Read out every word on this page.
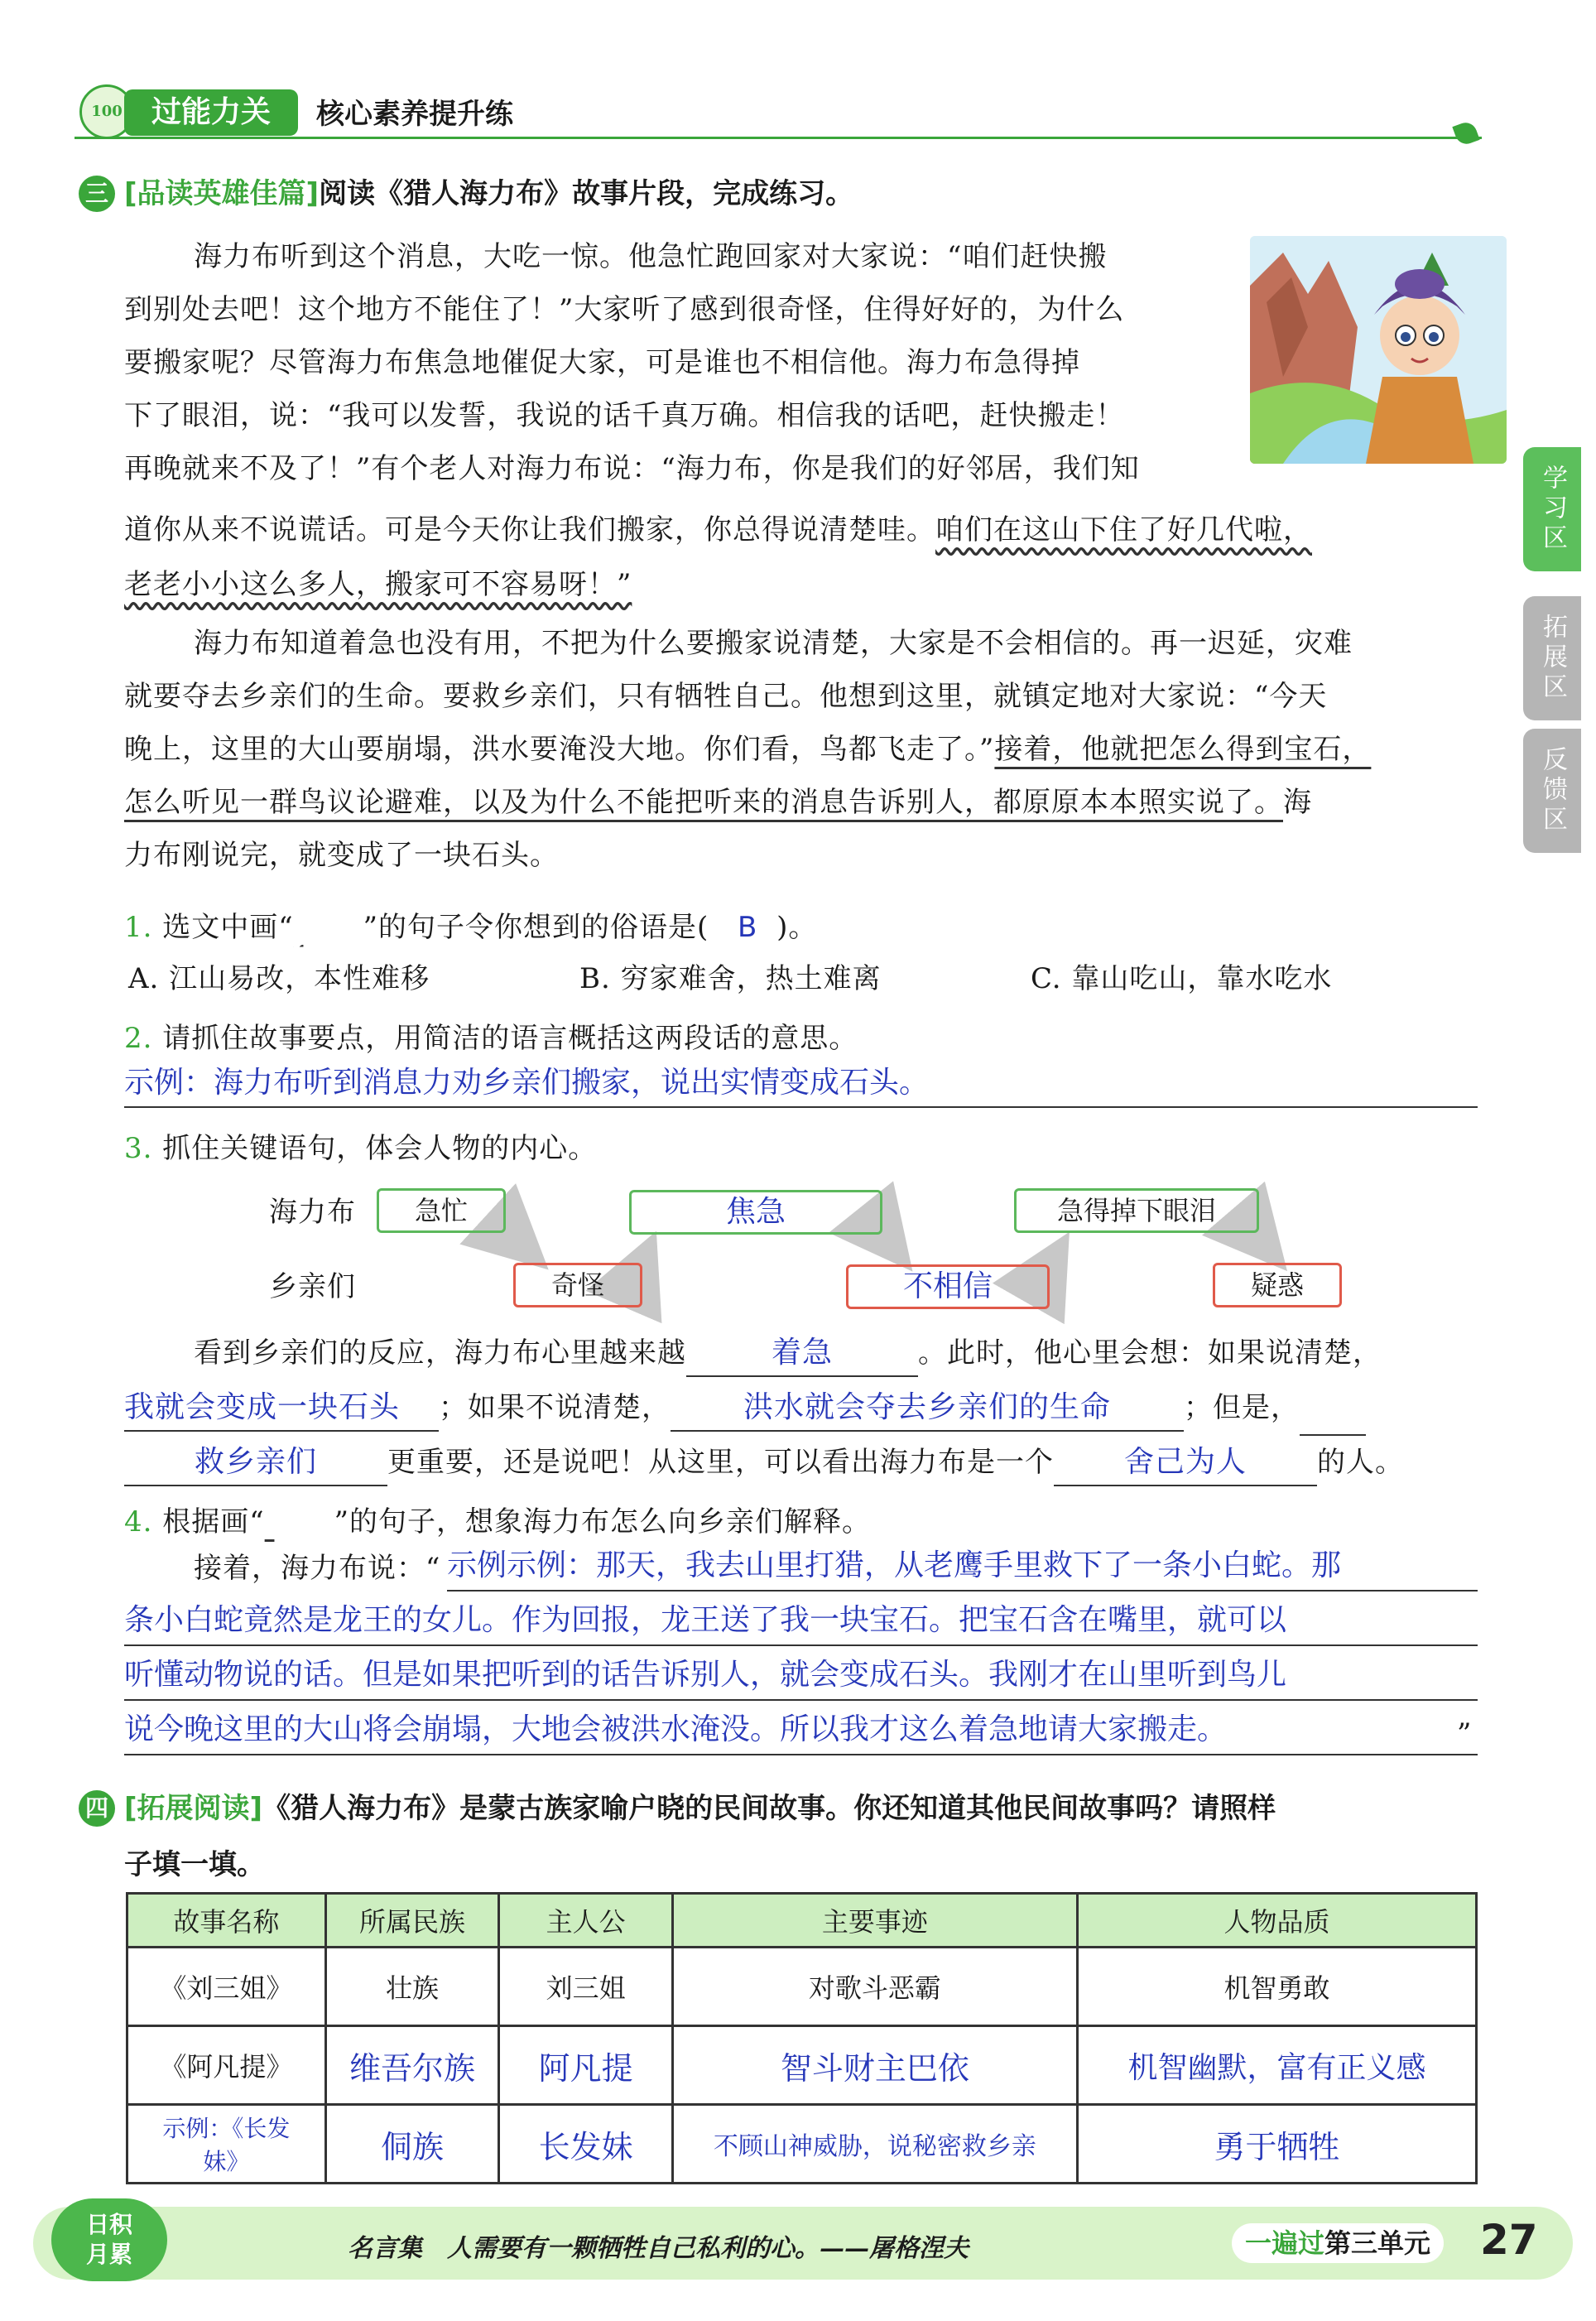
100 过能力关	核心素养提升练
学习区
拓展区
反馈区
三 [品读英雄佳篇]阅读《猎人海力布》故事片段，完成练习。
海力布听到这个消息，大吃一惊。他急忙跑回家对大家说：“咱们赶快搬
到别处去吧！这个地方不能住了！”大家听了感到很奇怪，住得好好的，为什么
要搬家呢？尽管海力布焦急地催促大家，可是谁也不相信他。海力布急得掉
下了眼泪，说：“我可以发誓，我说的话千真万确。相信我的话吧，赶快搬走！
再晚就来不及了！”有个老人对海力布说：“海力布，你是我们的好邻居，我们知
道你从来不说谎话。可是今天你让我们搬家，你总得说清楚哇。咱们在这山下住了好几代啦，
老老小小这么多人，搬家可不容易呀！”
海力布知道着急也没有用，不把为什么要搬家说清楚，大家是不会相信的。再一迟延，灾难
就要夺去乡亲们的生命。要救乡亲们，只有牺牲自己。他想到这里，就镇定地对大家说：“今天
晚上，这里的大山要崩塌，洪水要淹没大地。你们看，鸟都飞走了。”接着，他就把怎么得到宝石，
怎么听见一群鸟议论避难，以及为什么不能把听来的消息告诉别人，都原原本本照实说了。海
力布刚说完，就变成了一块石头。
1. 选文中画“ ”的句子令你想到的俗语是( B )。
A. 江山易改，本性难移	B. 穷家难舍，热土难离	C. 靠山吃山，靠水吃水
2. 请抓住故事要点，用简洁的语言概括这两段话的意思。
示例：海力布听到消息力劝乡亲们搬家，说出实情变成石头。
3. 抓住关键语句，体会人物的内心。
海力布
乡亲们
急忙	焦急	急得掉下眼泪
奇怪	不相信	疑惑
看到乡亲们的反应，海力布心里越来越	着急	。此时，他心里会想：如果说清楚，
我就会变成一块石头 ；如果不说清楚， 洪水就会夺去乡亲们的生命	；但是，
救乡亲们	更重要，还是说吧！从这里，可以看出海力布是一个 舍己为人	的人。
4. 根据画“ ”的句子，想象海力布怎么向乡亲们解释。
接着，海力布说：“ 示例示例：那天，我去山里打猎，从老鹰手里救下了一条小白蛇。那
条小白蛇竟然是龙王的女儿。作为回报，龙王送了我一块宝石。把宝石含在嘴里，就可以
听懂动物说的话。但是如果把听到的话告诉别人，就会变成石头。我刚才在山里听到鸟儿
说今晚这里的大山将会崩塌，大地会被洪水淹没。所以我才这么着急地请大家搬走。	”
四 [拓展阅读]《猎人海力布》是蒙古族家喻户晓的民间故事。你还知道其他民间故事吗？请照样
子填一填。
故事名称	所属民族	主人公	主要事迹	人物品质
《刘三姐》	壮族	刘三姐	对歌斗恶霸	机智勇敢
《阿凡提》	维吾尔族	阿凡提	智斗财主巴依	机智幽默，富有正义感
示例：《长发妹》	侗族	长发妹	不顾山神威胁，说秘密救乡亲	勇于牺牲
日积
月累	名言集　人需要有一颗牺牲自己私利的心。——屠格涅夫	一遍过第三单元	27
